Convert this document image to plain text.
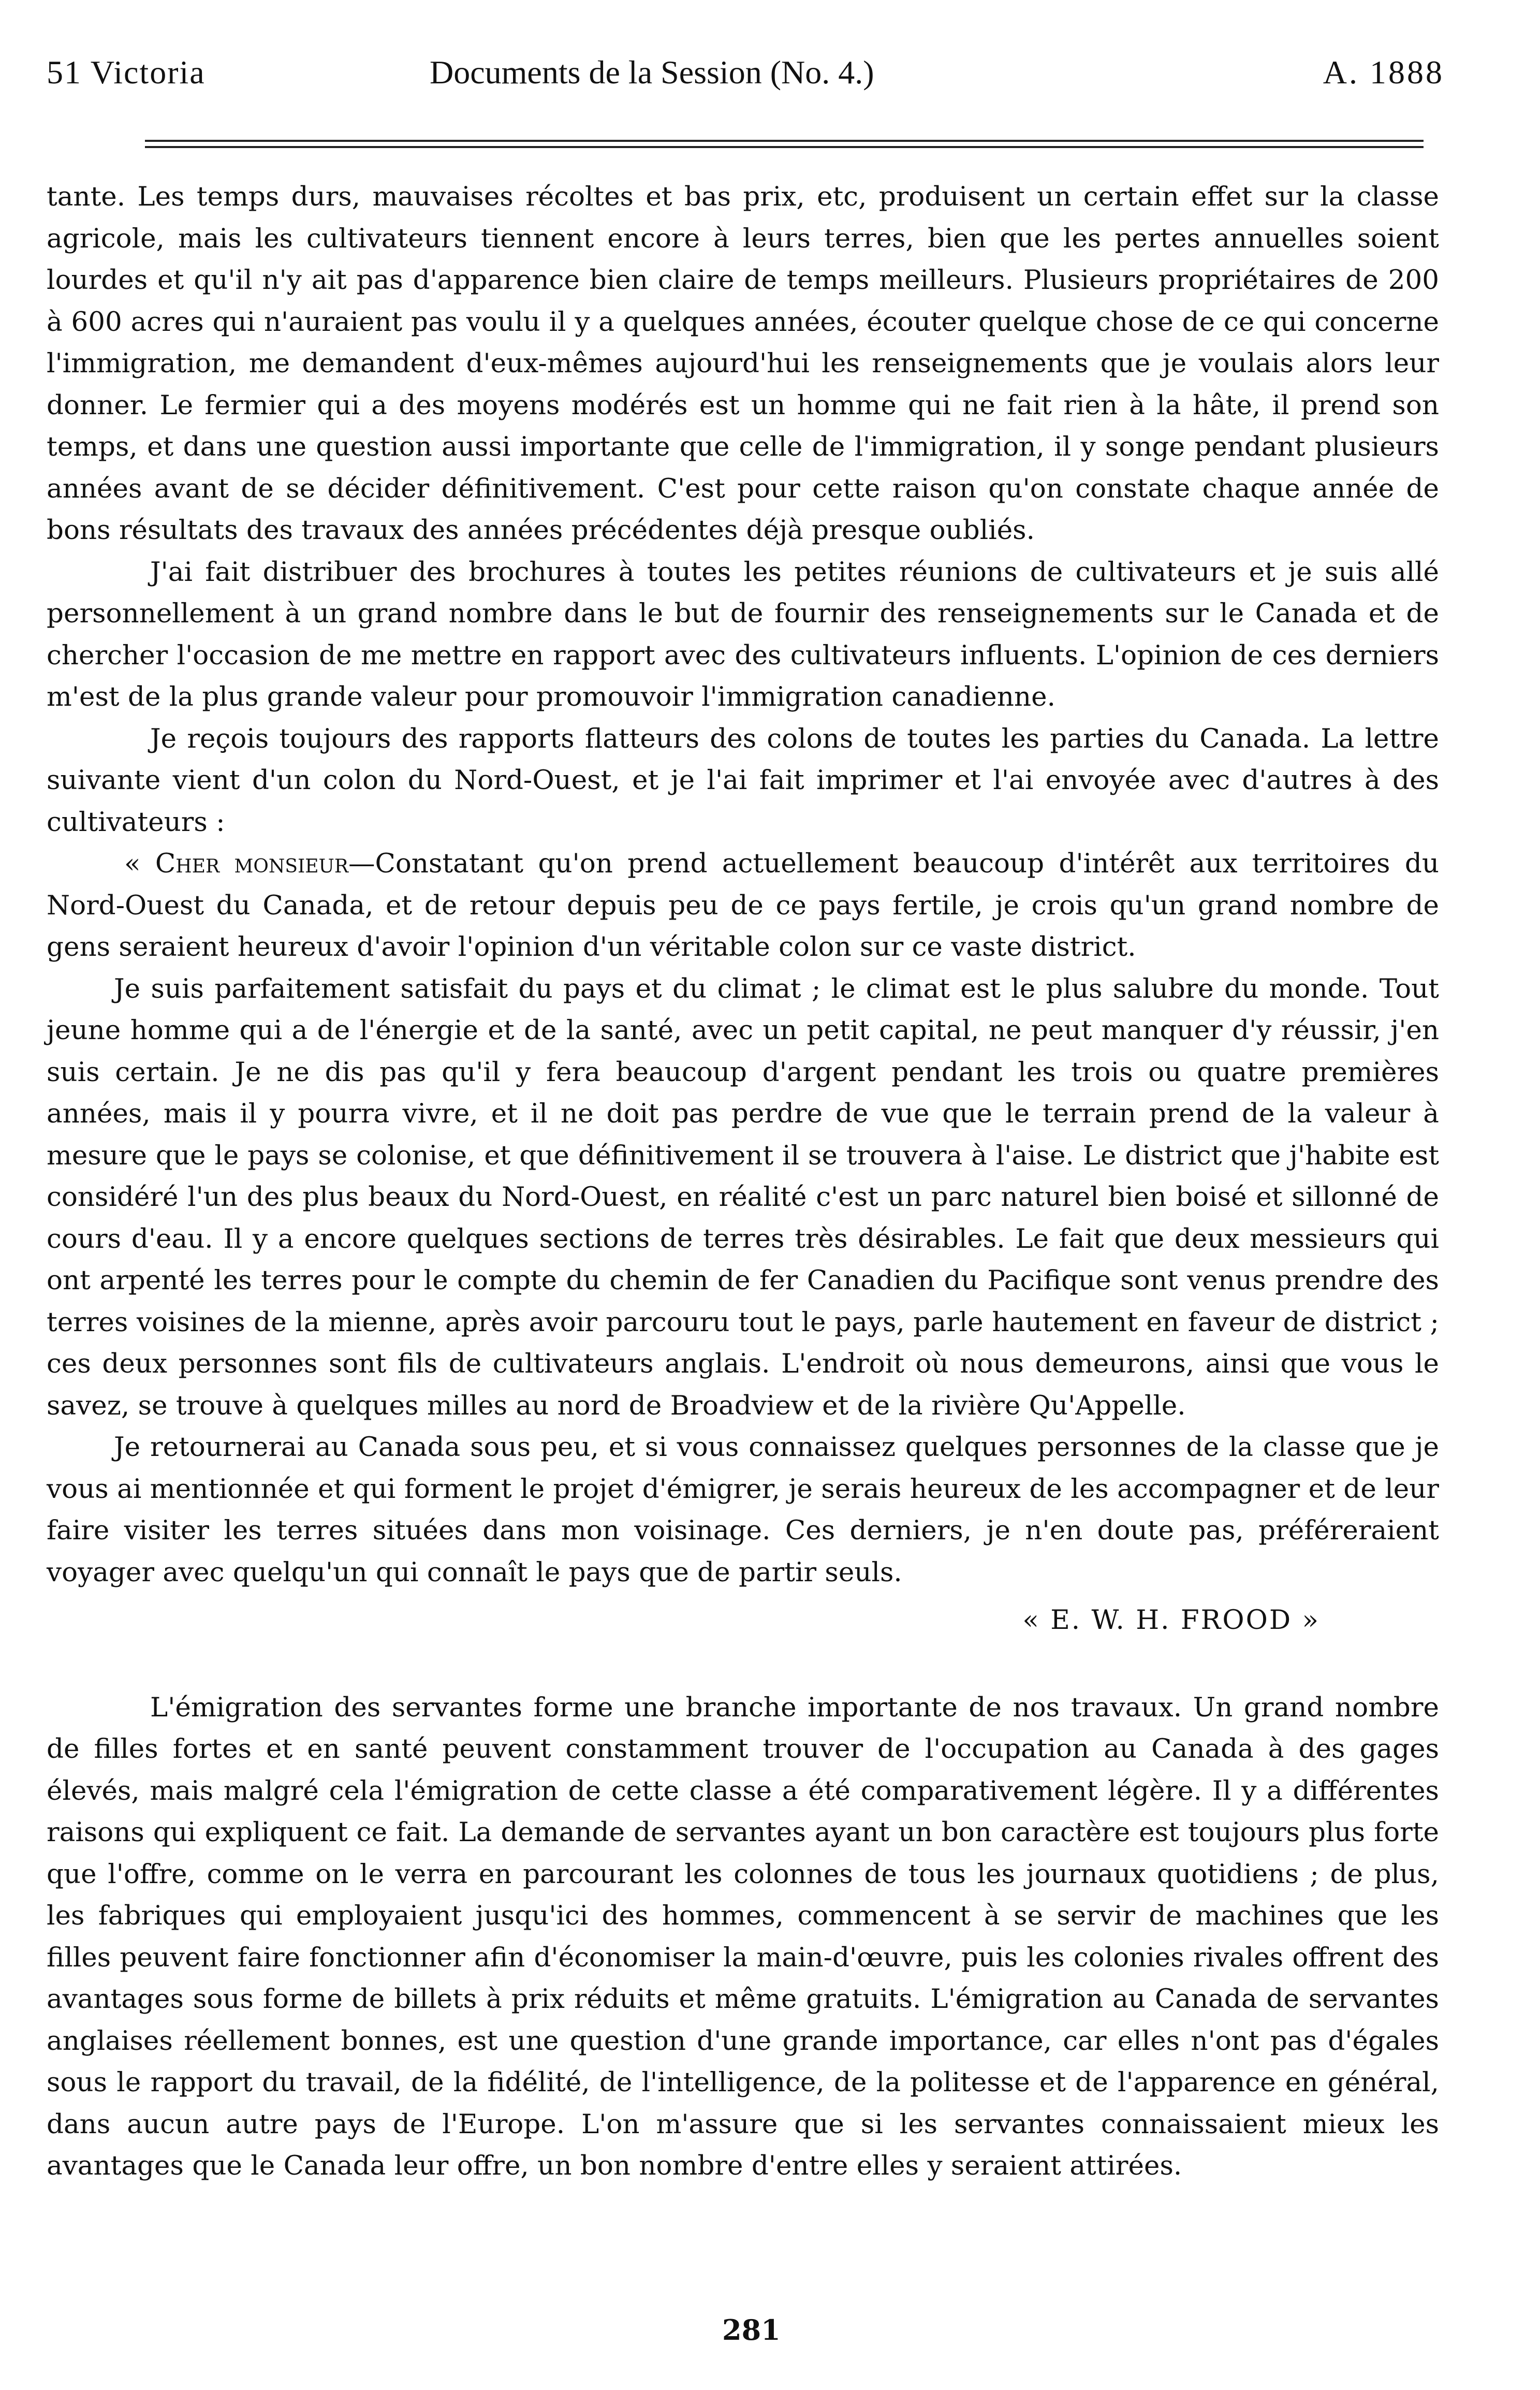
51 Victoria	Documents de la Session (No. 4.)	A. 1888

tante. Les temps durs, mauvaises récoltes et bas prix, etc, produisent un certain effet sur la classe agricole, mais les cultivateurs tiennent encore à leurs terres, bien que les pertes annuelles soient lourdes et qu'il n'y ait pas d'apparence bien claire de temps meilleurs. Plusieurs propriétaires de 200 à 600 acres qui n'auraient pas voulu il y a quelques années, écouter quelque chose de ce qui concerne l'immigration, me demandent d'eux-mêmes aujourd'hui les renseignements que je voulais alors leur donner. Le fermier qui a des moyens modérés est un homme qui ne fait rien à la hâte, il prend son temps, et dans une question aussi importante que celle de l'immigration, il y songe pendant plusieurs années avant de se décider définitivement. C'est pour cette raison qu'on constate chaque année de bons résultats des travaux des années précédentes déjà presque oubliés.

J'ai fait distribuer des brochures à toutes les petites réunions de cultivateurs et je suis allé personnellement à un grand nombre dans le but de fournir des renseignements sur le Canada et de chercher l'occasion de me mettre en rapport avec des cultivateurs influents. L'opinion de ces derniers m'est de la plus grande valeur pour promouvoir l'immigration canadienne.

Je reçois toujours des rapports flatteurs des colons de toutes les parties du Canada. La lettre suivante vient d'un colon du Nord-Ouest, et je l'ai fait imprimer et l'ai envoyée avec d'autres à des cultivateurs :

« Cher monsieur—Constatant qu'on prend actuellement beaucoup d'intérêt aux territoires du Nord-Ouest du Canada, et de retour depuis peu de ce pays fertile, je crois qu'un grand nombre de gens seraient heureux d'avoir l'opinion d'un véritable colon sur ce vaste district.

Je suis parfaitement satisfait du pays et du climat ; le climat est le plus salubre du monde. Tout jeune homme qui a de l'énergie et de la santé, avec un petit capital, ne peut manquer d'y réussir, j'en suis certain. Je ne dis pas qu'il y fera beaucoup d'argent pendant les trois ou quatre premières années, mais il y pourra vivre, et il ne doit pas perdre de vue que le terrain prend de la valeur à mesure que le pays se colonise, et que définitivement il se trouvera à l'aise. Le district que j'habite est considéré l'un des plus beaux du Nord-Ouest, en réalité c'est un parc naturel bien boisé et sillonné de cours d'eau. Il y a encore quelques sections de terres très désirables. Le fait que deux messieurs qui ont arpenté les terres pour le compte du chemin de fer Canadien du Pacifique sont venus prendre des terres voisines de la mienne, après avoir parcouru tout le pays, parle hautement en faveur de district ; ces deux personnes sont fils de cultivateurs anglais. L'endroit où nous demeurons, ainsi que vous le savez, se trouve à quelques milles au nord de Broadview et de la rivière Qu'Appelle.

Je retournerai au Canada sous peu, et si vous connaissez quelques personnes de la classe que je vous ai mentionnée et qui forment le projet d'émigrer, je serais heureux de les accompagner et de leur faire visiter les terres situées dans mon voisinage. Ces derniers, je n'en doute pas, préféreraient voyager avec quelqu'un qui connaît le pays que de partir seuls.

« E. W. H. FROOD »

L'émigration des servantes forme une branche importante de nos travaux. Un grand nombre de filles fortes et en santé peuvent constamment trouver de l'occupation au Canada à des gages élevés, mais malgré cela l'émigration de cette classe a été comparativement légère. Il y a différentes raisons qui expliquent ce fait. La demande de servantes ayant un bon caractère est toujours plus forte que l'offre, comme on le verra en parcourant les colonnes de tous les journaux quotidiens ; de plus, les fabriques qui employaient jusqu'ici des hommes, commencent à se servir de machines que les filles peuvent faire fonctionner afin d'économiser la main-d'œuvre, puis les colonies rivales offrent des avantages sous forme de billets à prix réduits et même gratuits. L'émigration au Canada de servantes anglaises réellement bonnes, est une question d'une grande importance, car elles n'ont pas d'égales sous le rapport du travail, de la fidélité, de l'intelligence, de la politesse et de l'apparence en général, dans aucun autre pays de l'Europe. L'on m'assure que si les servantes connaissaient mieux les avantages que le Canada leur offre, un bon nombre d'entre elles y seraient attirées.

281
